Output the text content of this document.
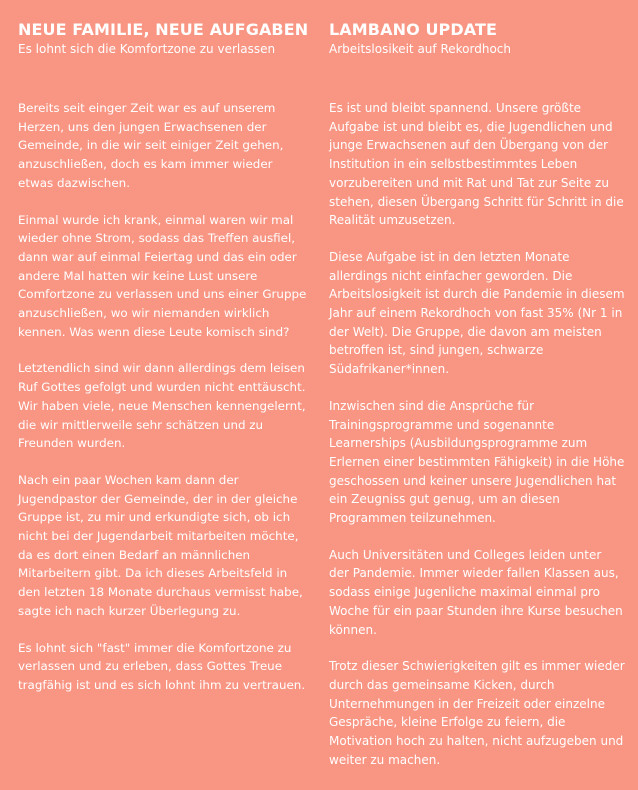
NEUE FAMILIE, NEUE AUFGABEN
Es lohnt sich die Komfortzone zu verlassen

Bereits seit einger Zeit war es auf unserem Herzen, uns den jungen Erwachsenen der Gemeinde, in die wir seit einiger Zeit gehen, anzuschließen, doch es kam immer wieder etwas dazwischen.

Einmal wurde ich krank, einmal waren wir mal wieder ohne Strom, sodass das Treffen ausfiel, dann war auf einmal Feiertag und das ein oder andere Mal hatten wir keine Lust unsere Comfortzone zu verlassen und uns einer Gruppe anzuschließen, wo wir niemanden wirklich kennen. Was wenn diese Leute komisch sind?

Letztendlich sind wir dann allerdings dem leisen Ruf Gottes gefolgt und wurden nicht enttäuscht. Wir haben viele, neue Menschen kennengelernt, die wir mittlerweile sehr schätzen und zu Freunden wurden.

Nach ein paar Wochen kam dann der Jugendpastor der Gemeinde, der in der gleiche Gruppe ist, zu mir und erkundigte sich, ob ich nicht bei der Jugendarbeit mitarbeiten möchte, da es dort einen Bedarf an männlichen Mitarbeitern gibt. Da ich dieses Arbeitsfeld in den letzten 18 Monate durchaus vermisst habe, sagte ich nach kurzer Überlegung zu.

Es lohnt sich "fast" immer die Komfortzone zu verlassen und zu erleben, dass Gottes Treue tragfähig ist und es sich lohnt ihm zu vertrauen.

LAMBANO UPDATE
Arbeitslosikeit auf Rekordhoch

Es ist und bleibt spannend. Unsere größte Aufgabe ist und bleibt es, die Jugendlichen und junge Erwachsenen auf den Übergang von der Institution in ein selbstbestimmtes Leben vorzubereiten und mit Rat und Tat zur Seite zu stehen, diesen Übergang Schritt für Schritt in die Realität umzusetzen.

Diese Aufgabe ist in den letzten Monate allerdings nicht einfacher geworden. Die Arbeitslosigkeit ist durch die Pandemie in diesem Jahr auf einem Rekordhoch von fast 35% (Nr 1 in der Welt). Die Gruppe, die davon am meisten betroffen ist, sind jungen, schwarze Südafrikaner*innen.

Inzwischen sind die Ansprüche für Trainingsprogramme und sogenannte Learnerships (Ausbildungsprogramme zum Erlernen einer bestimmten Fähigkeit) in die Höhe geschossen und keiner unsere Jugendlichen hat ein Zeugniss gut genug, um an diesen Programmen teilzunehmen.

Auch Universitäten und Colleges leiden unter der Pandemie. Immer wieder fallen Klassen aus, sodass einige Jugenliche maximal einmal pro Woche für ein paar Stunden ihre Kurse besuchen können.

Trotz dieser Schwierigkeiten gilt es immer wieder durch das gemeinsame Kicken, durch Unternehmungen in der Freizeit oder einzelne Gespräche, kleine Erfolge zu feiern, die Motivation hoch zu halten, nicht aufzugeben und weiter zu machen.
